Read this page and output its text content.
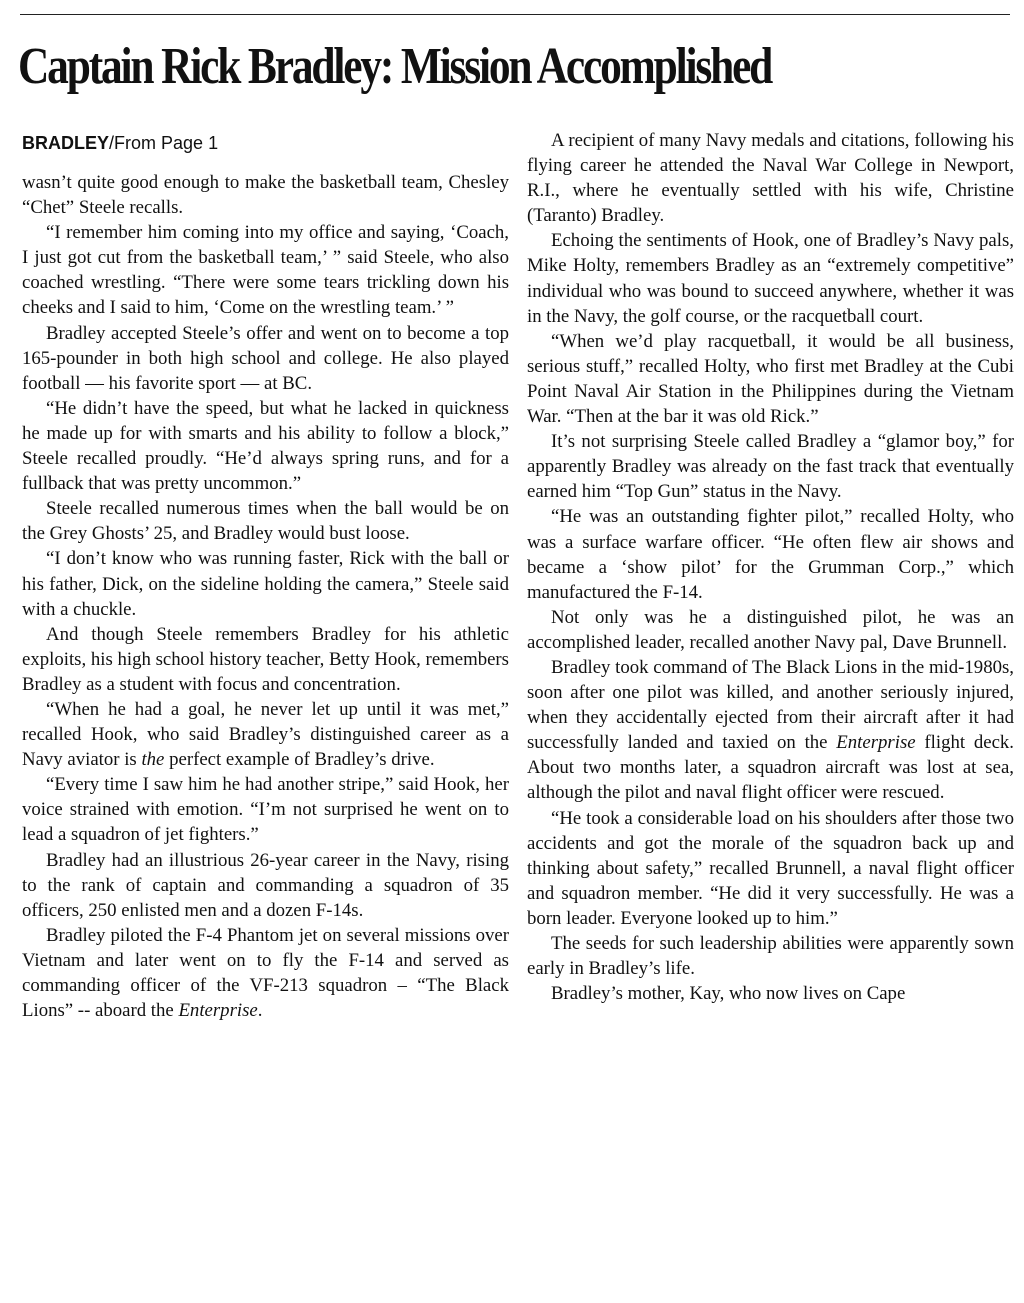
Captain Rick Bradley: Mission Accomplished
BRADLEY/From Page 1

wasn’t quite good enough to make the basketball team, Chesley “Chet” Steele recalls.

“I remember him coming into my office and saying, ‘Coach, I just got cut from the basketball team,’ ” said Steele, who also coached wrestling. “There were some tears trickling down his cheeks and I said to him, ‘Come on the wrestling team.’ ”

Bradley accepted Steele’s offer and went on to become a top 165-pounder in both high school and college. He also played football — his favorite sport — at BC.

“He didn’t have the speed, but what he lacked in quickness he made up for with smarts and his ability to follow a block,” Steele recalled proudly. “He’d always spring runs, and for a fullback that was pretty uncommon.”

Steele recalled numerous times when the ball would be on the Grey Ghosts’ 25, and Bradley would bust loose.

“I don’t know who was running faster, Rick with the ball or his father, Dick, on the sideline holding the camera,” Steele said with a chuckle.

And though Steele remembers Bradley for his athletic exploits, his high school history teacher, Betty Hook, remembers Bradley as a student with focus and concentration.

“When he had a goal, he never let up until it was met,” recalled Hook, who said Bradley’s distinguished career as a Navy aviator is the perfect example of Bradley’s drive.

“Every time I saw him he had another stripe,” said Hook, her voice strained with emotion. “I’m not surprised he went on to lead a squadron of jet fighters.”

Bradley had an illustrious 26-year career in the Navy, rising to the rank of captain and commanding a squadron of 35 officers, 250 enlisted men and a dozen F-14s.

Bradley piloted the F-4 Phantom jet on several missions over Vietnam and later went on to fly the F-14 and served as commanding officer of the VF-213 squadron – “The Black Lions” -- aboard the Enterprise.

A recipient of many Navy medals and citations, following his flying career he attended the Naval War College in Newport, R.I., where he eventually settled with his wife, Christine (Taranto) Bradley.

Echoing the sentiments of Hook, one of Bradley’s Navy pals, Mike Holty, remembers Bradley as an “extremely competitive” individual who was bound to succeed anywhere, whether it was in the Navy, the golf course, or the racquetball court.

“When we’d play racquetball, it would be all business, serious stuff,” recalled Holty, who first met Bradley at the Cubi Point Naval Air Station in the Philippines during the Vietnam War. “Then at the bar it was old Rick.”

It’s not surprising Steele called Bradley a “glamor boy,” for apparently Bradley was already on the fast track that eventually earned him “Top Gun” status in the Navy.

“He was an outstanding fighter pilot,” recalled Holty, who was a surface warfare officer. “He often flew air shows and became a ‘show pilot’ for the Grumman Corp.,” which manufactured the F-14.

Not only was he a distinguished pilot, he was an accomplished leader, recalled another Navy pal, Dave Brunnell.

Bradley took command of The Black Lions in the mid-1980s, soon after one pilot was killed, and another seriously injured, when they accidentally ejected from their aircraft after it had successfully landed and taxied on the Enterprise flight deck. About two months later, a squadron aircraft was lost at sea, although the pilot and naval flight officer were rescued.

“He took a considerable load on his shoulders after those two accidents and got the morale of the squadron back up and thinking about safety,” recalled Brunnell, a naval flight officer and squadron member. “He did it very successfully. He was a born leader. Everyone looked up to him.”

The seeds for such leadership abilities were apparently sown early in Bradley’s life.

Bradley’s mother, Kay, who now lives on Cape
